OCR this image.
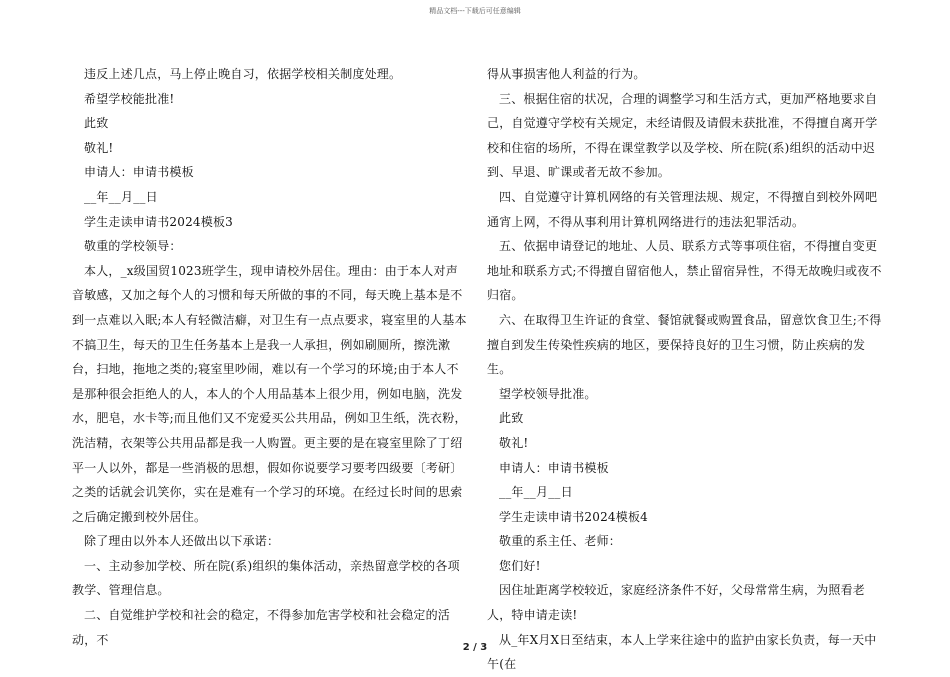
精品文档---下载后可任意编辑

违反上述几点，马上停止晚自习，依据学校相关制度处理。

希望学校能批准!

此致

敬礼!

申请人：申请书模板

__年__月__日

学生走读申请书2024模板3

敬重的学校领导：

本人，_x级国贸1023班学生，现申请校外居住。理由：由于本人对声音敏感，又加之每个人的习惯和每天所做的事的不同，每天晚上基本是不到一点难以入眠;本人有轻微洁癖，对卫生有一点点要求，寝室里的人基本不搞卫生，每天的卫生任务基本上是我一人承担，例如刷厕所，擦洗漱台，扫地，拖地之类的;寝室里吵闹，难以有一个学习的环境;由于本人不是那种很会拒绝人的人，本人的个人用品基本上很少用，例如电脑，洗发水，肥皂，水卡等;而且他们又不宠爱买公共用品，例如卫生纸，洗衣粉，洗洁精，衣架等公共用品都是我一人购置。更主要的是在寝室里除了丁绍平一人以外，都是一些消极的思想，假如你说要学习要考四级要〔考研〕之类的话就会讥笑你，实在是难有一个学习的环境。在经过长时间的思索之后确定搬到校外居住。

除了理由以外本人还做出以下承诺：

一、主动参加学校、所在院(系)组织的集体活动，亲热留意学校的各项教学、管理信息。

二、自觉维护学校和社会的稳定，不得参加危害学校和社会稳定的活动，不

得从事损害他人利益的行为。

三、根据住宿的状况，合理的调整学习和生活方式，更加严格地要求自己，自觉遵守学校有关规定，未经请假及请假未获批准，不得擅自离开学校和住宿的场所，不得在课堂教学以及学校、所在院(系)组织的活动中迟到、早退、旷课或者无故不参加。

四、自觉遵守计算机网络的有关管理法规、规定，不得擅自到校外网吧通宵上网，不得从事利用计算机网络进行的违法犯罪活动。

五、依据申请登记的地址、人员、联系方式等事项住宿，不得擅自变更地址和联系方式;不得擅自留宿他人，禁止留宿异性，不得无故晚归或夜不归宿。

六、在取得卫生许证的食堂、餐馆就餐或购置食品，留意饮食卫生;不得擅自到发生传染性疾病的地区，要保持良好的卫生习惯，防止疾病的发生。

望学校领导批准。

此致

敬礼!

申请人：申请书模板

__年__月__日

学生走读申请书2024模板4

敬重的系主任、老师：

您们好!

因住址距离学校较近，家庭经济条件不好，父母常常生病，为照看老人，特申请走读!

从_年X月X日至结束，本人上学来往途中的监护由家长负责，每一天中午(在

2 / 3
